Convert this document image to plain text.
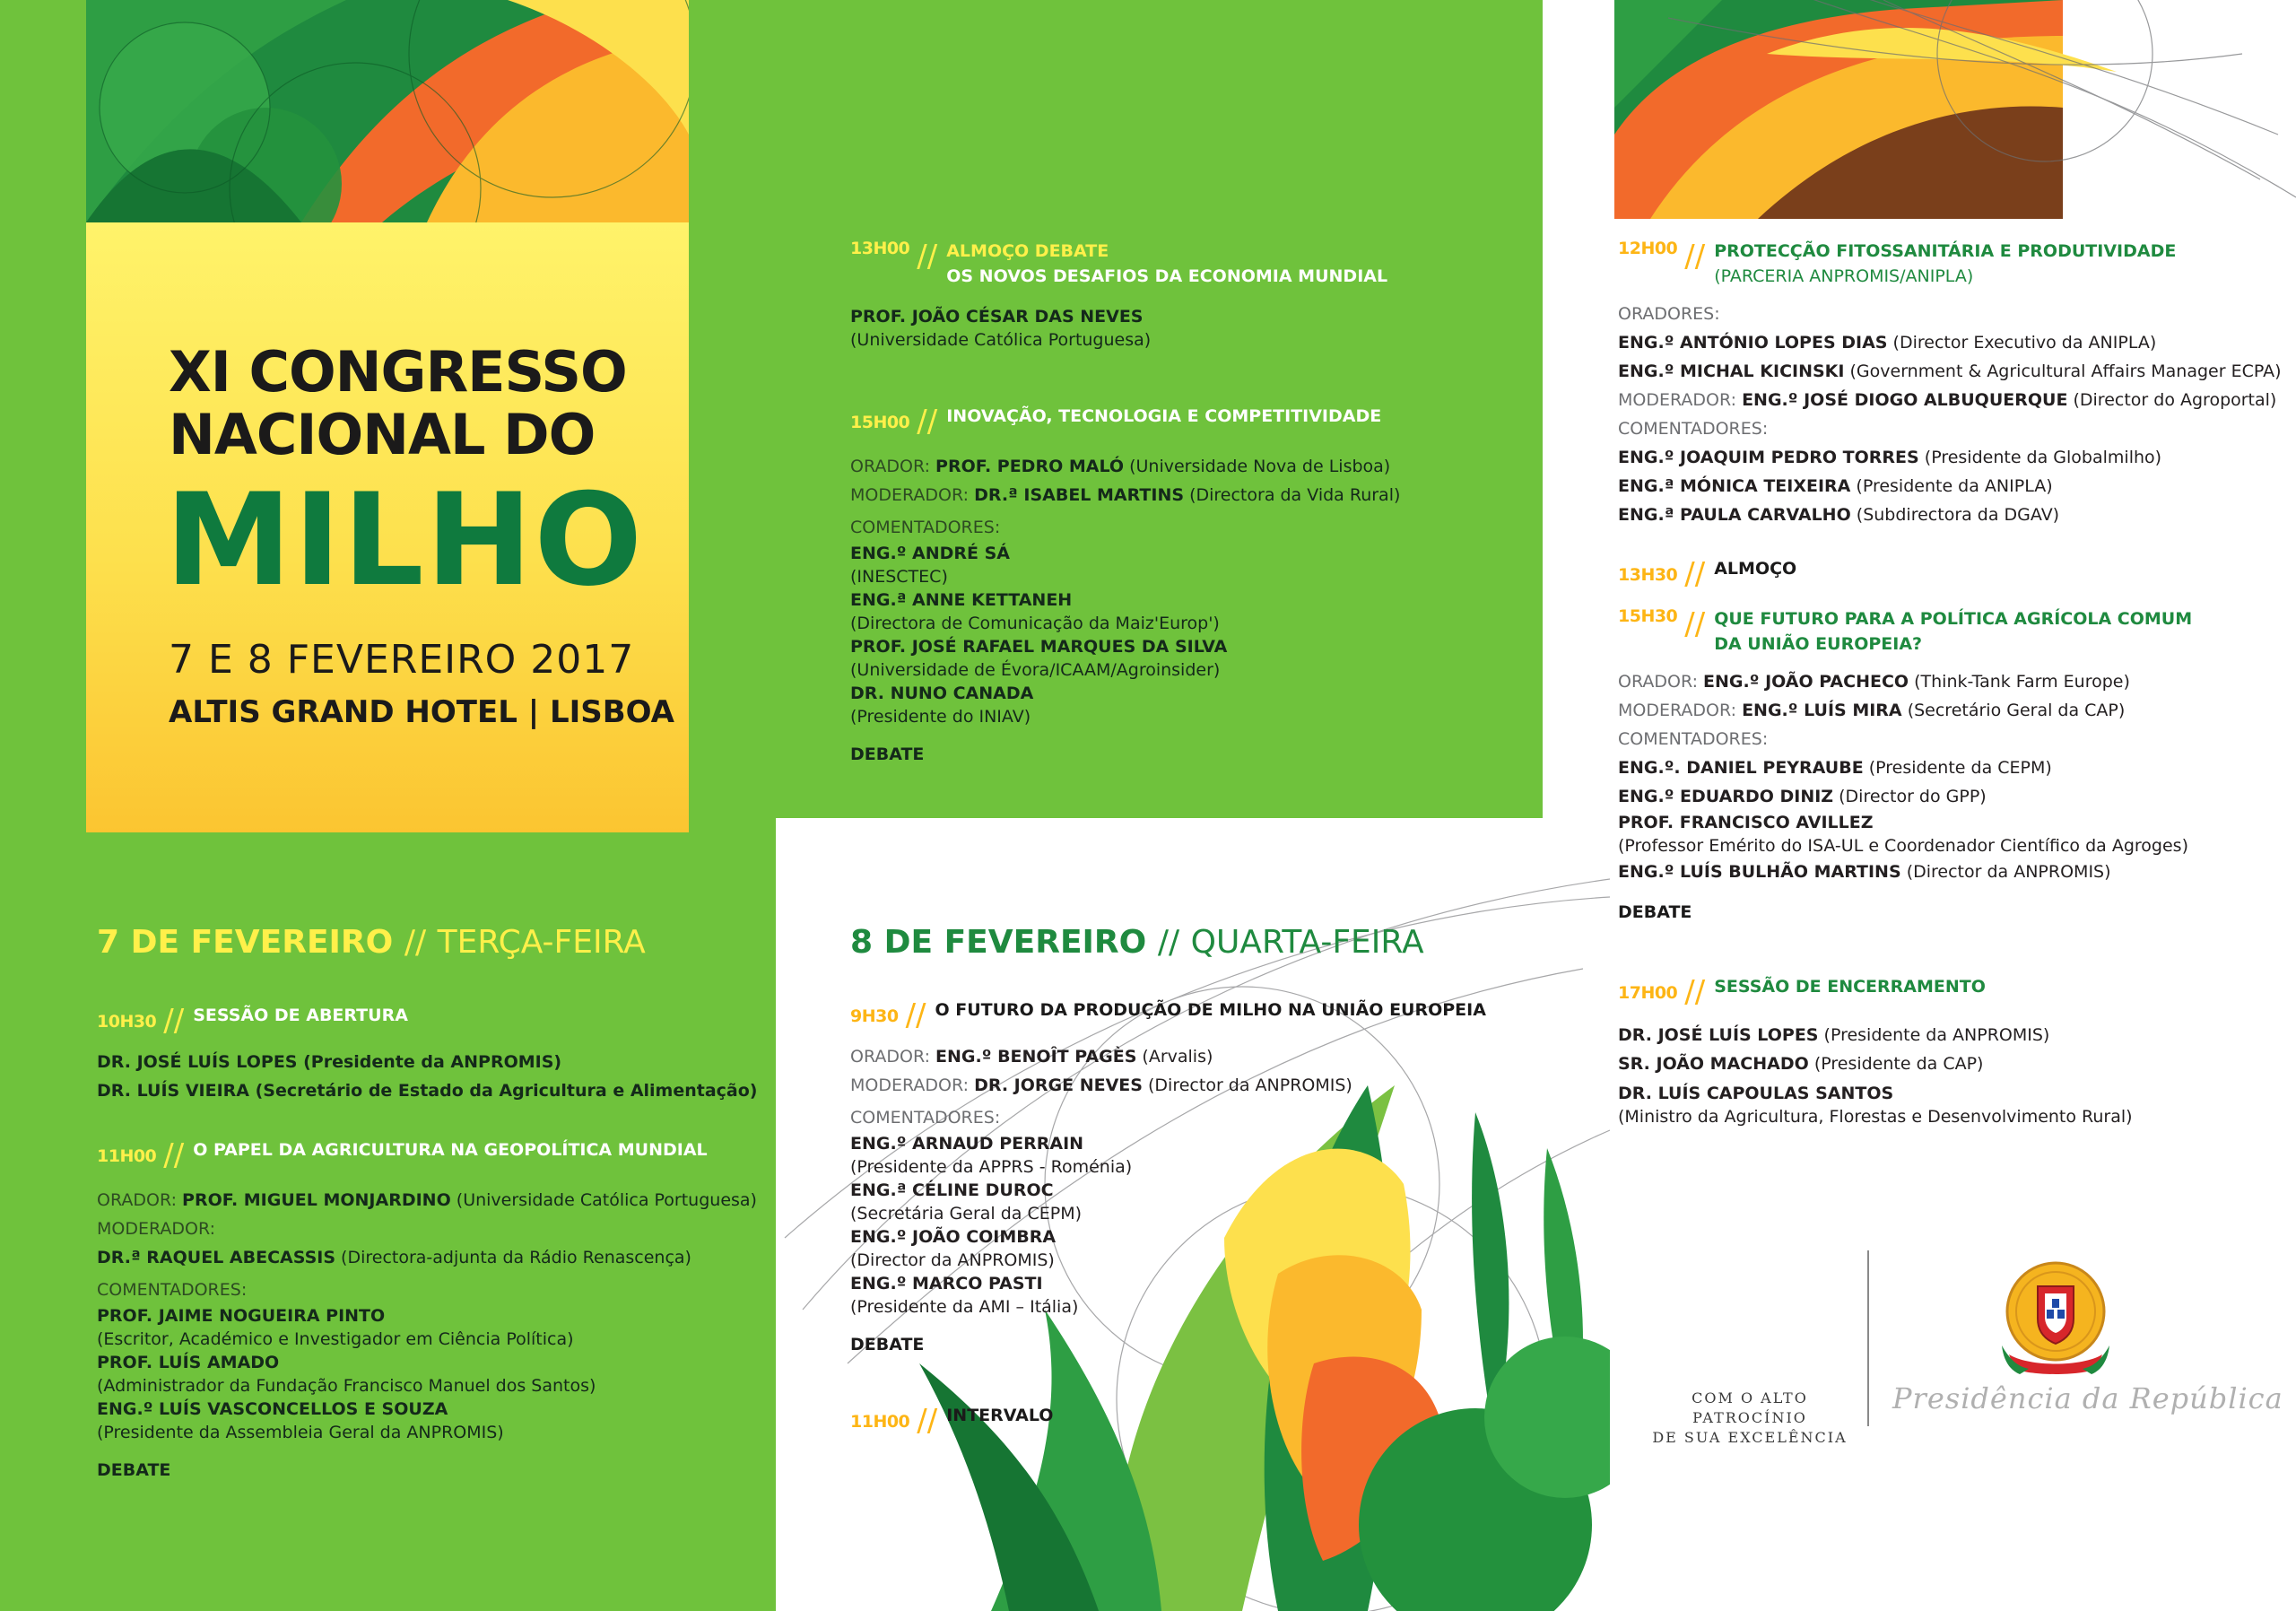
XI CONGRESSO
NACIONAL DO
MILHO
7 E 8 FEVEREIRO 2017
ALTIS GRAND HOTEL | LISBOA
7 DE FEVEREIRO // TERÇA-FEIRA
10H30 // SESSÃO DE ABERTURA
DR. JOSÉ LUÍS LOPES (Presidente da ANPROMIS)
DR. LUÍS VIEIRA (Secretário de Estado da Agricultura e Alimentação)
11H00 // O PAPEL DA AGRICULTURA NA GEOPOLÍTICA MUNDIAL
ORADOR: PROF. MIGUEL MONJARDINO (Universidade Católica Portuguesa)
MODERADOR:
DR.ª RAQUEL ABECASSIS (Directora-adjunta da Rádio Renascença)
COMENTADORES:
PROF. JAIME NOGUEIRA PINTO
(Escritor, Académico e Investigador em Ciência Política)
PROF. LUÍS AMADO
(Administrador da Fundação Francisco Manuel dos Santos)
ENG.º LUÍS VASCONCELLOS E SOUZA
(Presidente da Assembleia Geral da ANPROMIS)
DEBATE
13H00 // ALMOÇO DEBATE
OS NOVOS DESAFIOS DA ECONOMIA MUNDIAL
PROF. JOÃO CÉSAR DAS NEVES
(Universidade Católica Portuguesa)
15H00 // INOVAÇÃO, TECNOLOGIA E COMPETITIVIDADE
ORADOR: PROF. PEDRO MALÓ (Universidade Nova de Lisboa)
MODERADOR: DR.ª ISABEL MARTINS (Directora da Vida Rural)
COMENTADORES:
ENG.º ANDRÉ SÁ
(INESCTEC)
ENG.ª ANNE KETTANEH
(Directora de Comunicação da Maiz'Europ')
PROF. JOSÉ RAFAEL MARQUES DA SILVA
(Universidade de Évora/ICAAM/Agroinsider)
DR. NUNO CANADA
(Presidente do INIAV)
DEBATE
8 DE FEVEREIRO // QUARTA-FEIRA
9H30 // O FUTURO DA PRODUÇÃO DE MILHO NA UNIÃO EUROPEIA
ORADOR: ENG.º BENOÎT PAGÈS (Arvalis)
MODERADOR: DR. JORGE NEVES (Director da ANPROMIS)
COMENTADORES:
ENG.º ARNAUD PERRAIN
(Presidente da APPRS - Roménia)
ENG.ª CÉLINE DUROC
(Secretária Geral da CEPM)
ENG.º JOÃO COIMBRA
(Director da ANPROMIS)
ENG.º MARCO PASTI
(Presidente da AMI – Itália)
DEBATE
11H00 // INTERVALO
12H00 // PROTECÇÃO FITOSSANITÁRIA E PRODUTIVIDADE
(PARCERIA ANPROMIS/ANIPLA)
ORADORES:
ENG.º ANTÓNIO LOPES DIAS (Director Executivo da ANIPLA)
ENG.º MICHAL KICINSKI (Government & Agricultural Affairs Manager ECPA)
MODERADOR: ENG.º JOSÉ DIOGO ALBUQUERQUE (Director do Agroportal)
COMENTADORES:
ENG.º JOAQUIM PEDRO TORRES (Presidente da Globalmilho)
ENG.ª MÓNICA TEIXEIRA (Presidente da ANIPLA)
ENG.ª PAULA CARVALHO (Subdirectora da DGAV)
13H30 // ALMOÇO
15H30 // QUE FUTURO PARA A POLÍTICA AGRÍCOLA COMUM
DA UNIÃO EUROPEIA?
ORADOR: ENG.º JOÃO PACHECO (Think-Tank Farm Europe)
MODERADOR: ENG.º LUÍS MIRA (Secretário Geral da CAP)
COMENTADORES:
ENG.º. DANIEL PEYRAUBE (Presidente da CEPM)
ENG.º EDUARDO DINIZ (Director do GPP)
PROF. FRANCISCO AVILLEZ
(Professor Emérito do ISA-UL e Coordenador Científico da Agroges)
ENG.º LUÍS BULHÃO MARTINS (Director da ANPROMIS)
DEBATE
17H00 // SESSÃO DE ENCERRAMENTO
DR. JOSÉ LUÍS LOPES (Presidente da ANPROMIS)
SR. JOÃO MACHADO (Presidente da CAP)
DR. LUÍS CAPOULAS SANTOS
(Ministro da Agricultura, Florestas e Desenvolvimento Rural)
COM O ALTO PATROCÍNIO
DE SUA EXCELÊNCIA
Presidência da República
